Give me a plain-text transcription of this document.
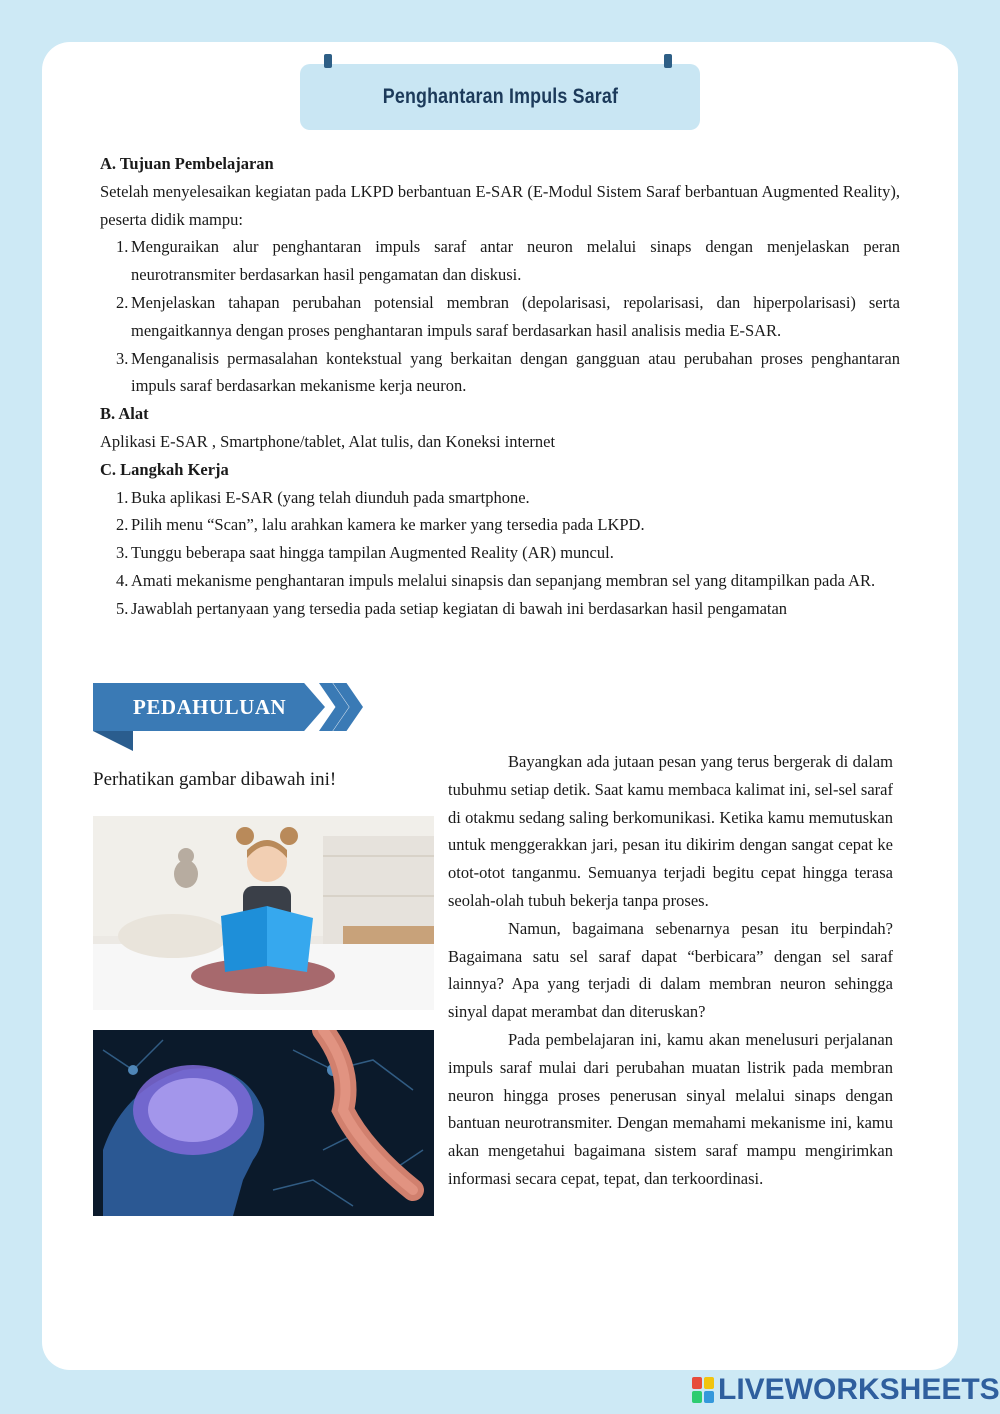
Penghantaran Impuls Saraf
A. Tujuan Pembelajaran

Setelah menyelesaikan kegiatan pada LKPD berbantuan E-SAR (E-Modul Sistem Saraf berbantuan Augmented Reality), peserta didik mampu:

1. Menguraikan alur penghantaran impuls saraf antar neuron melalui sinaps dengan menjelaskan peran neurotransmiter berdasarkan hasil pengamatan dan diskusi.
2. Menjelaskan tahapan perubahan potensial membran (depolarisasi, repolarisasi, dan hiperpolarisasi) serta mengaitkannya dengan proses penghantaran impuls saraf berdasarkan hasil analisis media E-SAR.
3. Menganalisis permasalahan kontekstual yang berkaitan dengan gangguan atau perubahan proses penghantaran impuls saraf berdasarkan mekanisme kerja neuron.
B. Alat

Aplikasi E-SAR , Smartphone/tablet, Alat tulis, dan Koneksi internet

C. Langkah Kerja
1. Buka aplikasi E-SAR (yang telah diunduh pada smartphone.
2. Pilih menu “Scan”, lalu arahkan kamera ke marker yang tersedia pada LKPD.
3. Tunggu beberapa saat hingga tampilan Augmented Reality (AR) muncul.
4. Amati mekanisme penghantaran impuls melalui sinapsis dan sepanjang membran sel yang ditampilkan pada AR.
5. Jawablah pertanyaan yang tersedia pada setiap kegiatan di bawah ini berdasarkan hasil pengamatan
PEDAHULUAN
Perhatikan gambar dibawah ini!

Bayangkan ada jutaan pesan yang terus bergerak di dalam tubuhmu setiap detik. Saat kamu membaca kalimat ini, sel-sel saraf di otakmu sedang saling berkomunikasi. Ketika kamu memutuskan untuk menggerakkan jari, pesan itu dikirim dengan sangat cepat ke otot-otot tanganmu. Semuanya terjadi begitu cepat hingga terasa seolah-olah tubuh bekerja tanpa proses.

Namun, bagaimana sebenarnya pesan itu berpindah? Bagaimana satu sel saraf dapat “berbicara” dengan sel saraf lainnya? Apa yang terjadi di dalam membran neuron sehingga sinyal dapat merambat dan diteruskan?

Pada pembelajaran ini, kamu akan menelusuri perjalanan impuls saraf mulai dari perubahan muatan listrik pada membran neuron hingga proses penerusan sinyal melalui sinaps dengan bantuan neurotransmiter. Dengan memahami mekanisme ini, kamu akan mengetahui bagaimana sistem saraf mampu mengirimkan informasi secara cepat, tepat, dan terkoordinasi.

LIVEWORKSHEETS
